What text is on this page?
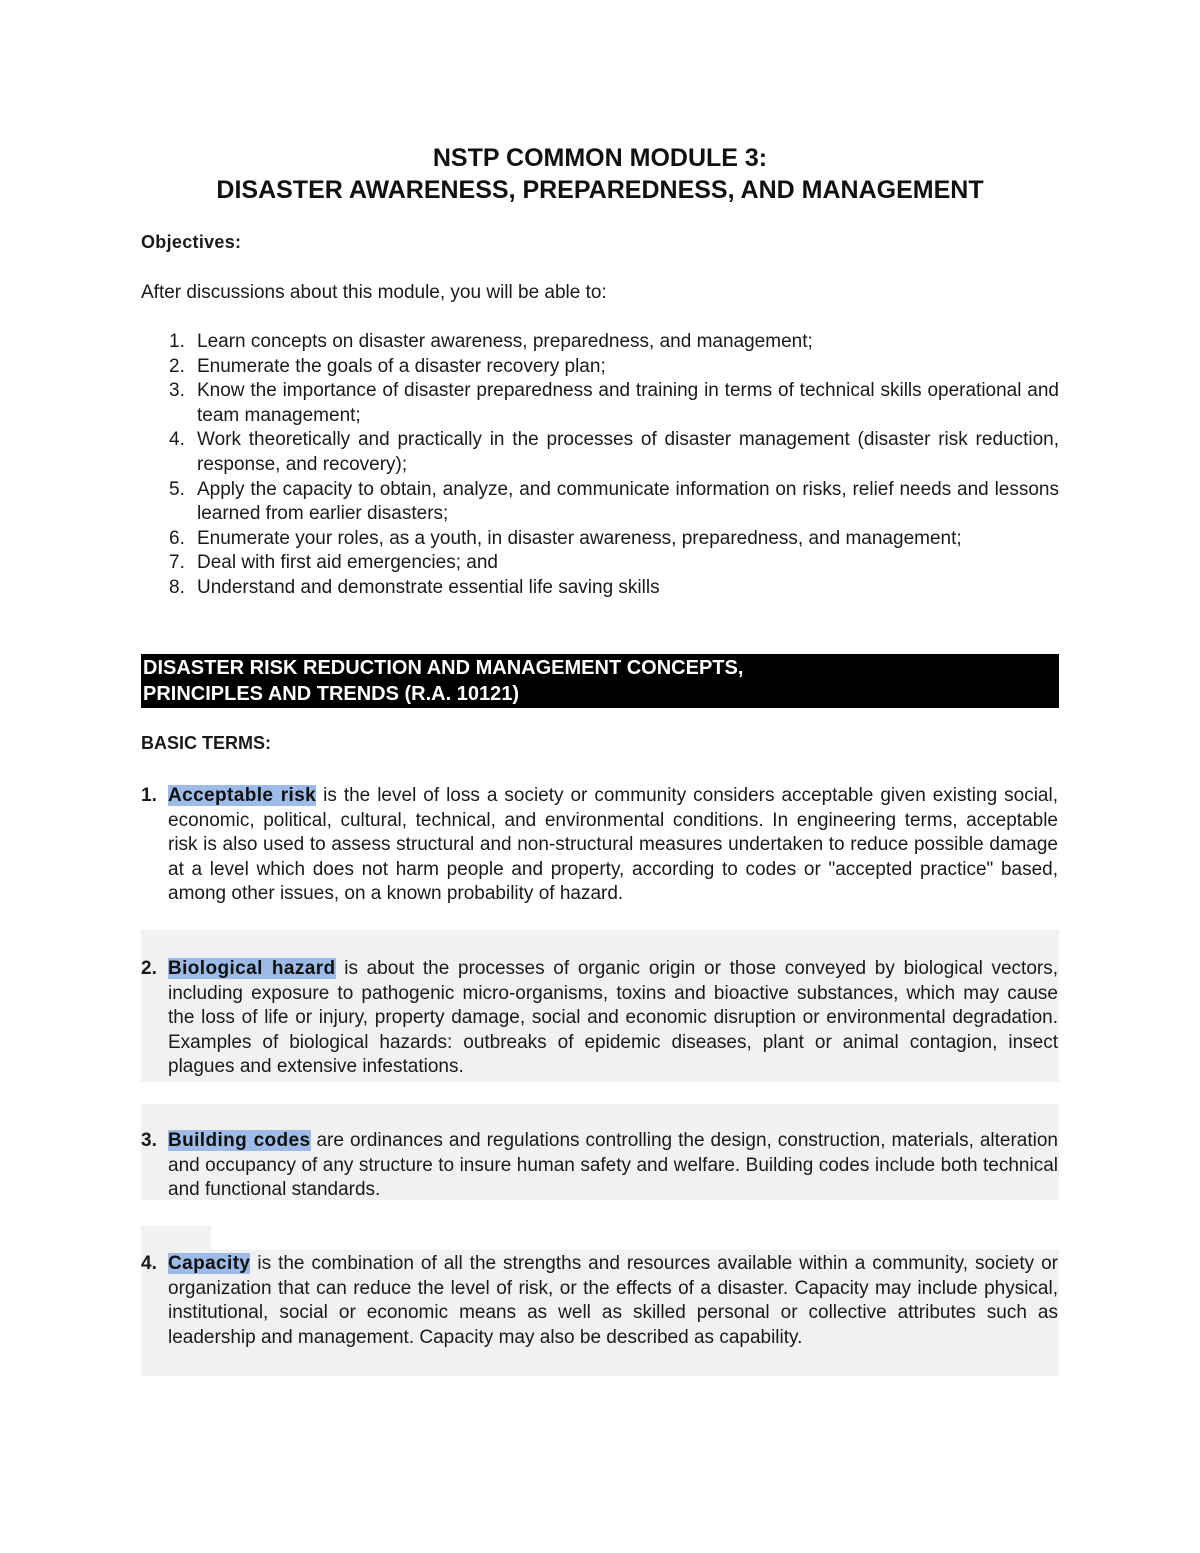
NSTP COMMON MODULE 3:
DISASTER AWARENESS, PREPAREDNESS, AND MANAGEMENT
Objectives:
After discussions about this module, you will be able to:
1. Learn concepts on disaster awareness, preparedness, and management;
2. Enumerate the goals of a disaster recovery plan;
3. Know the importance of disaster preparedness and training in terms of technical skills operational and team management;
4. Work theoretically and practically in the processes of disaster management (disaster risk reduction, response, and recovery);
5. Apply the capacity to obtain, analyze, and communicate information on risks, relief needs and lessons learned from earlier disasters;
6. Enumerate your roles, as a youth, in disaster awareness, preparedness, and management;
7. Deal with first aid emergencies; and
8. Understand and demonstrate essential life saving skills
DISASTER RISK REDUCTION AND MANAGEMENT CONCEPTS,
PRINCIPLES AND TRENDS (R.A. 10121)
BASIC TERMS:
1. Acceptable risk is the level of loss a society or community considers acceptable given existing social, economic, political, cultural, technical, and environmental conditions. In engineering terms, acceptable risk is also used to assess structural and non-structural measures undertaken to reduce possible damage at a level which does not harm people and property, according to codes or "accepted practice" based, among other issues, on a known probability of hazard.
2. Biological hazard is about the processes of organic origin or those conveyed by biological vectors, including exposure to pathogenic micro-organisms, toxins and bioactive substances, which may cause the loss of life or injury, property damage, social and economic disruption or environmental degradation. Examples of biological hazards: outbreaks of epidemic diseases, plant or animal contagion, insect plagues and extensive infestations.
3. Building codes are ordinances and regulations controlling the design, construction, materials, alteration and occupancy of any structure to insure human safety and welfare. Building codes include both technical and functional standards.
4. Capacity is the combination of all the strengths and resources available within a community, society or organization that can reduce the level of risk, or the effects of a disaster. Capacity may include physical, institutional, social or economic means as well as skilled personal or collective attributes such as leadership and management. Capacity may also be described as capability.
